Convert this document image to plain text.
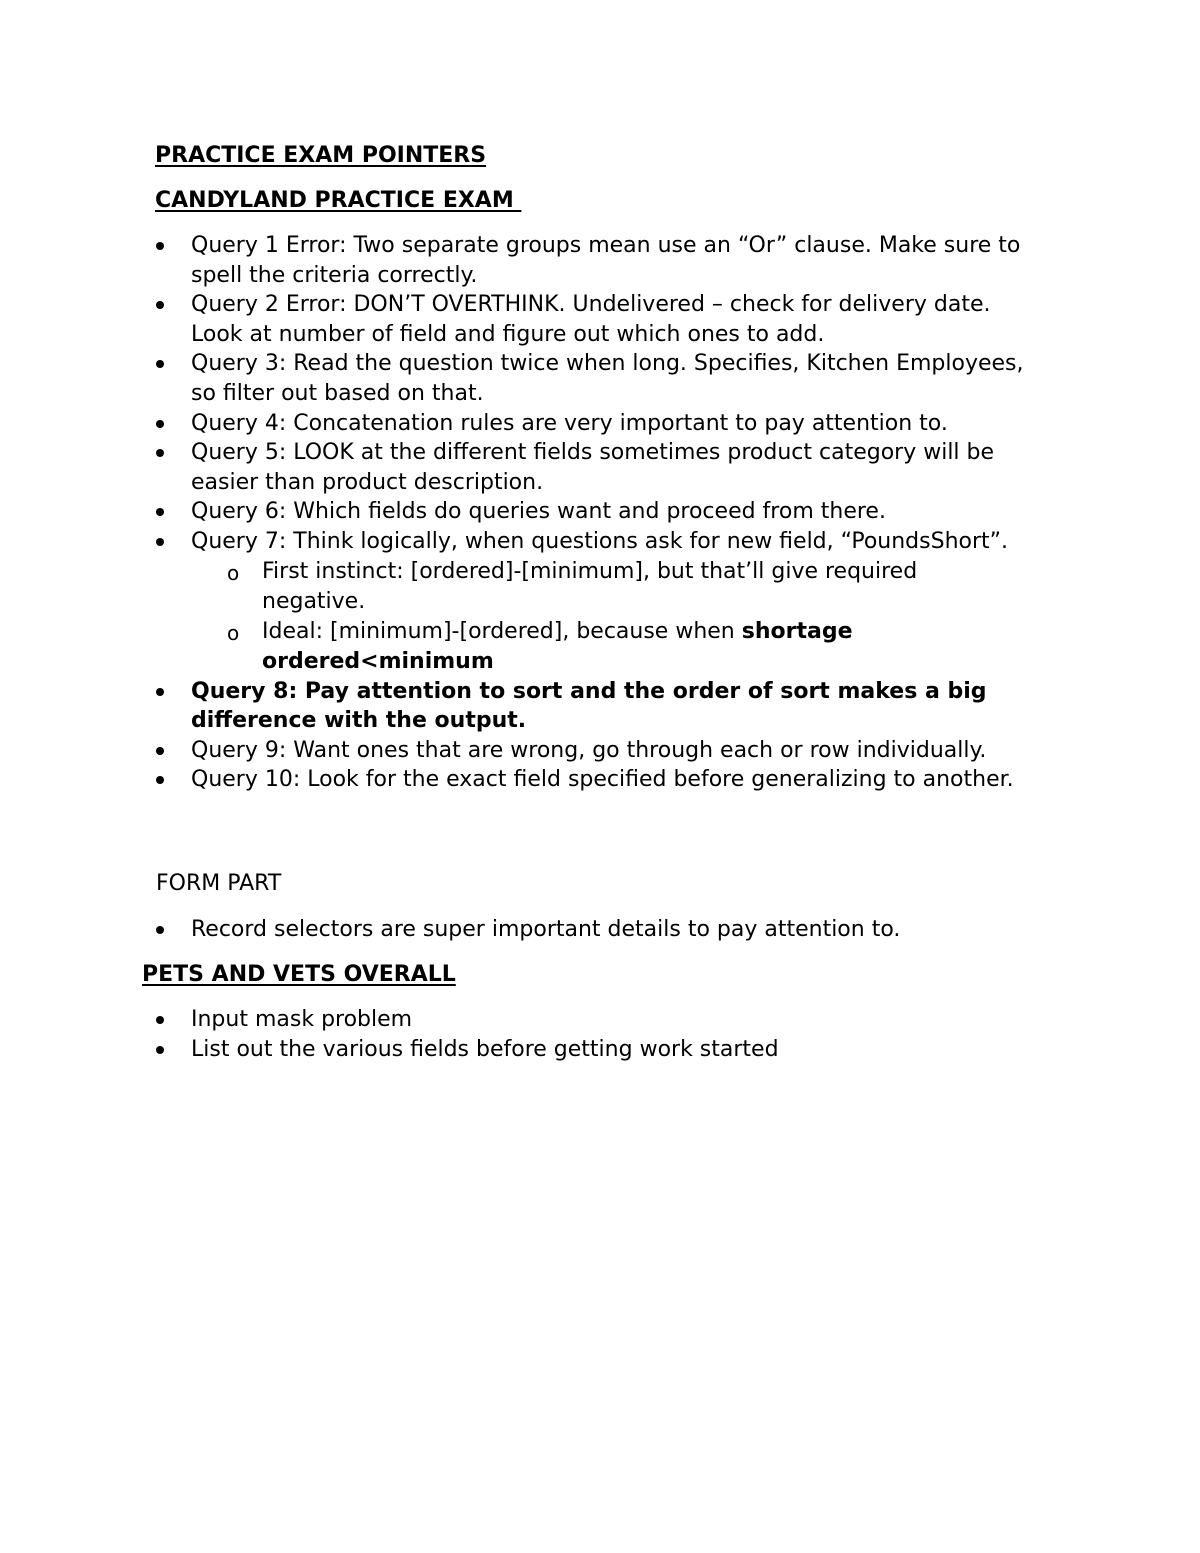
PRACTICE EXAM POINTERS
CANDYLAND PRACTICE EXAM
Query 1 Error: Two separate groups mean use an “Or” clause. Make sure to spell the criteria correctly.
Query 2 Error: DON’T OVERTHINK. Undelivered – check for delivery date. Look at number of field and figure out which ones to add.
Query 3: Read the question twice when long. Specifies, Kitchen Employees, so filter out based on that.
Query 4: Concatenation rules are very important to pay attention to.
Query 5: LOOK at the different fields sometimes product category will be easier than product description.
Query 6: Which fields do queries want and proceed from there.
Query 7: Think logically, when questions ask for new field, “PoundsShort”.
o First instinct: [ordered]-[minimum], but that’ll give required negative.
o Ideal: [minimum]-[ordered], because when shortage ordered<minimum
Query 8: Pay attention to sort and the order of sort makes a big difference with the output.
Query 9: Want ones that are wrong, go through each or row individually.
Query 10: Look for the exact field specified before generalizing to another.
FORM PART
Record selectors are super important details to pay attention to.
PETS AND VETS OVERALL
Input mask problem
List out the various fields before getting work started
